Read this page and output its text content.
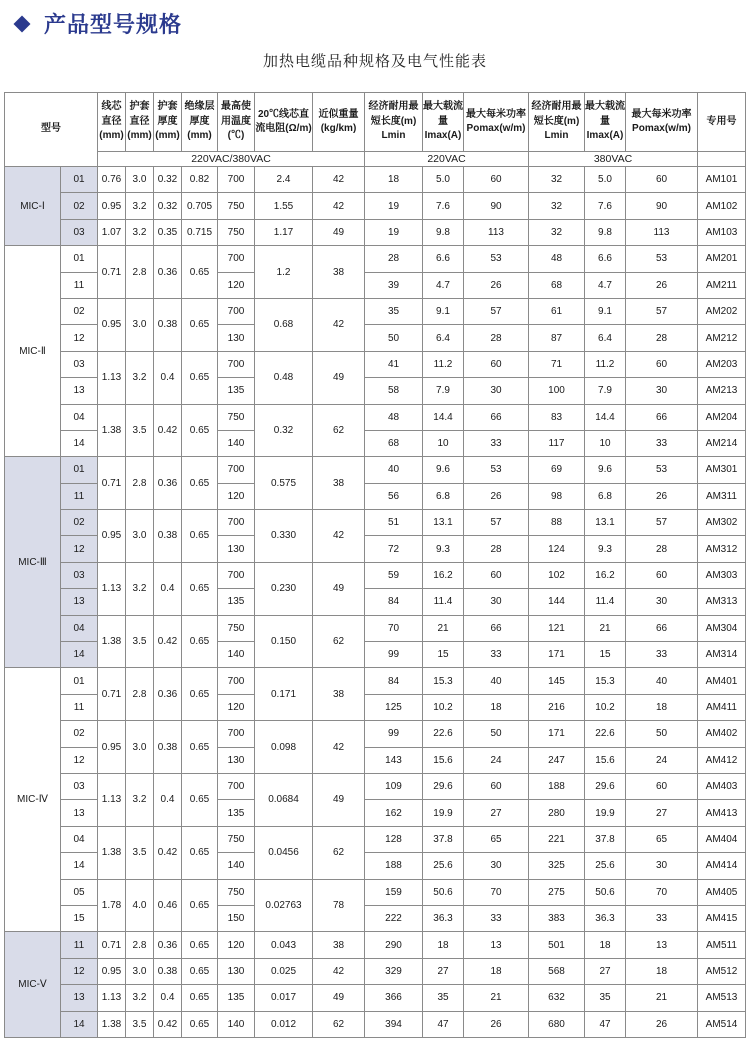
产品型号规格
加热电缆品种规格及电气性能表
型号		线芯直径(mm)	护套直径(mm)	护套厚度(mm)	绝缘层厚度(mm)	最高使用温度(℃)	20℃线芯直流电阻(Ω/m)	近似重量(kg/km)	经济耐用最短长度(m) Lmin	最大载流量Imax(A)	最大每米功率Pomax(w/m)	经济耐用最短长度(m) Lmin	最大载流量Imax(A)	最大每米功率Pomax(w/m)	专用号
		220VAC/380VAC							220VAC			380VAC			
MIC-Ⅰ	01	0.76	3.0	0.32	0.82	700	2.4	42	18	5.0	60	32	5.0	60	AM101
	02	0.95	3.2	0.32	0.705	750	1.55	42	19	7.6	90	32	7.6	90	AM102
	03	1.07	3.2	0.35	0.715	750	1.17	49	19	9.8	113	32	9.8	113	AM103
MIC-Ⅱ	01	0.71	2.8	0.36	0.65	700	1.2	38	28	6.6	53	48	6.6	53	AM201
	11					120			39	4.7	26	68	4.7	26	AM211
	02	0.95	3.0	0.38	0.65	700	0.68	42	35	9.1	57	61	9.1	57	AM202
	12					130			50	6.4	28	87	6.4	28	AM212
	03	1.13	3.2	0.4	0.65	700	0.48	49	41	11.2	60	71	11.2	60	AM203
	13					135			58	7.9	30	100	7.9	30	AM213
	04	1.38	3.5	0.42	0.65	750	0.32	62	48	14.4	66	83	14.4	66	AM204
	14					140			68	10	33	117	10	33	AM214
MIC-Ⅲ	01	0.71	2.8	0.36	0.65	700	0.575	38	40	9.6	53	69	9.6	53	AM301
	11					120			56	6.8	26	98	6.8	26	AM311
	02	0.95	3.0	0.38	0.65	700	0.330	42	51	13.1	57	88	13.1	57	AM302
	12					130			72	9.3	28	124	9.3	28	AM312
	03	1.13	3.2	0.4	0.65	700	0.230	49	59	16.2	60	102	16.2	60	AM303
	13					135			84	11.4	30	144	11.4	30	AM313
	04	1.38	3.5	0.42	0.65	750	0.150	62	70	21	66	121	21	66	AM304
	14					140			99	15	33	171	15	33	AM314
MIC-Ⅳ	01	0.71	2.8	0.36	0.65	700	0.171	38	84	15.3	40	145	15.3	40	AM401
	11					120			125	10.2	18	216	10.2	18	AM411
	02	0.95	3.0	0.38	0.65	700	0.098	42	99	22.6	50	171	22.6	50	AM402
	12					130			143	15.6	24	247	15.6	24	AM412
	03	1.13	3.2	0.4	0.65	700	0.0684	49	109	29.6	60	188	29.6	60	AM403
	13					135			162	19.9	27	280	19.9	27	AM413
	04	1.38	3.5	0.42	0.65	750	0.0456	62	128	37.8	65	221	37.8	65	AM404
	14					140			188	25.6	30	325	25.6	30	AM414
	05	1.78	4.0	0.46	0.65	750	0.02763	78	159	50.6	70	275	50.6	70	AM405
	15					150			222	36.3	33	383	36.3	33	AM415
MIC-Ⅴ	11	0.71	2.8	0.36	0.65	120	0.043	38	290	18	13	501	18	13	AM511
	12	0.95	3.0	0.38	0.65	130	0.025	42	329	27	18	568	27	18	AM512
	13	1.13	3.2	0.4	0.65	135	0.017	49	366	35	21	632	35	21	AM513
	14	1.38	3.5	0.42	0.65	140	0.012	62	394	47	26	680	47	26	AM514
